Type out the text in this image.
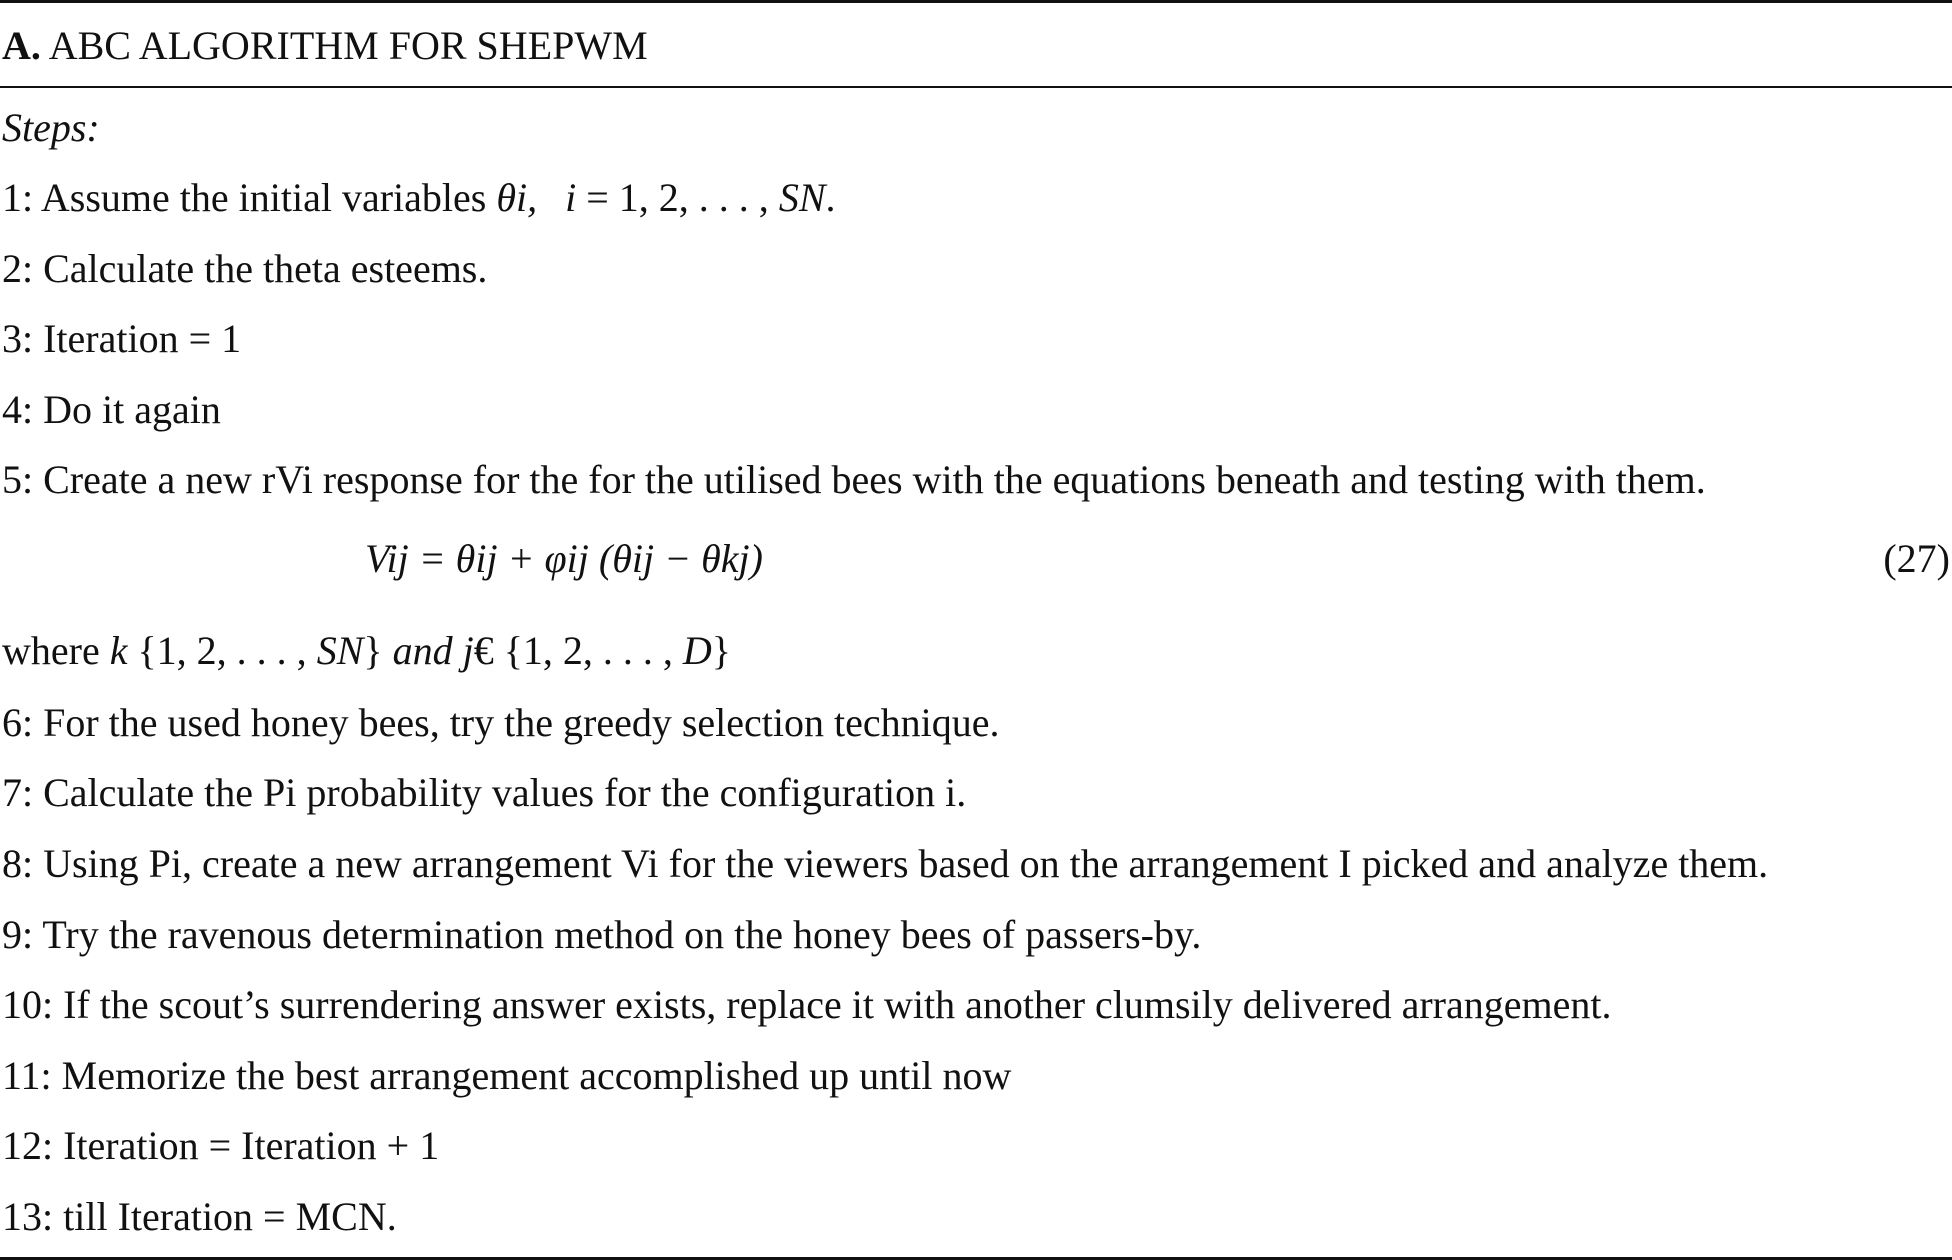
A. ABC ALGORITHM FOR SHEPWM
Steps:
1: Assume the initial variables θi, i = 1, 2, . . . , SN.
2: Calculate the theta esteems.
3: Iteration = 1
4: Do it again
5: Create a new rVi response for the for the utilised bees with the equations beneath and testing with them.
Vij = θij + φij (θij − θkj)	(27)
where k {1, 2, . . . , SN} and j€ {1, 2, . . . , D}
6: For the used honey bees, try the greedy selection technique.
7: Calculate the Pi probability values for the configuration i.
8: Using Pi, create a new arrangement Vi for the viewers based on the arrangement I picked and analyze them.
9: Try the ravenous determination method on the honey bees of passers-by.
10: If the scout’s surrendering answer exists, replace it with another clumsily delivered arrangement.
11: Memorize the best arrangement accomplished up until now
12: Iteration = Iteration + 1
13: till Iteration = MCN.
